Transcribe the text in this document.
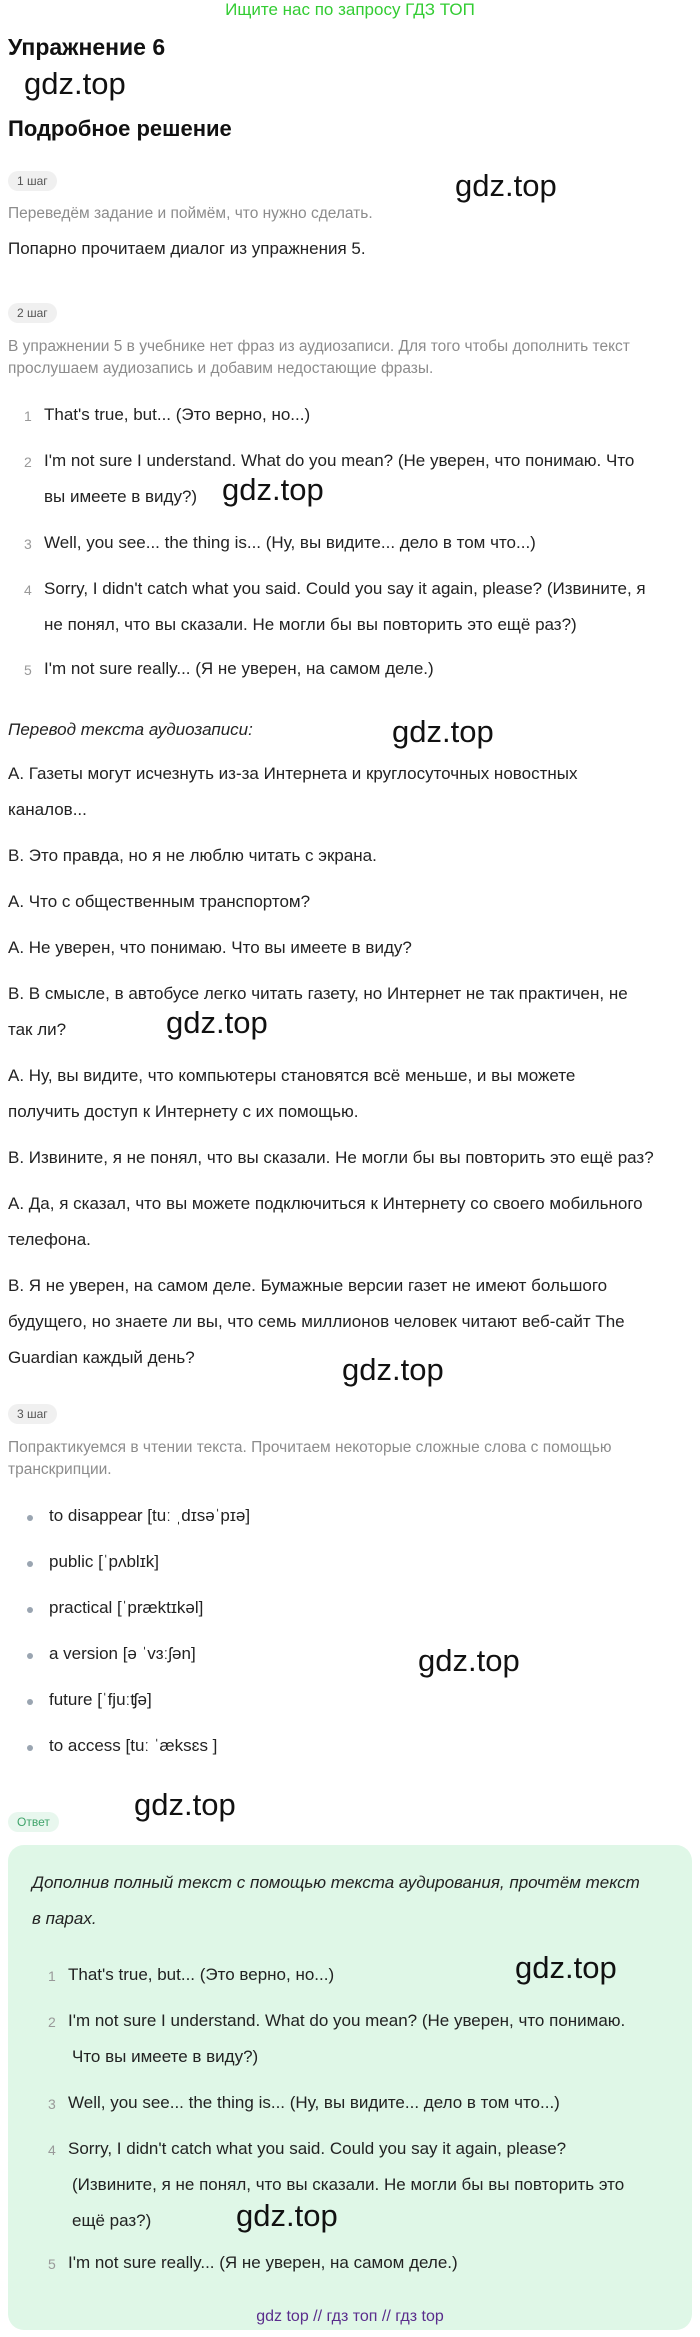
Ищите нас по запросу ГДЗ ТОП
Упражнение 6
gdz.top
Подробное решение
gdz.top
1 шаг
Переведём задание и поймём, что нужно сделать.
Попарно прочитаем диалог из упражнения 5.
2 шаг
В упражнении 5 в учебнике нет фраз из аудиозаписи. Для того чтобы дополнить текст
прослушаем аудиозапись и добавим недостающие фразы.
1 That's true, but... (Это верно, но...)
2 I'm not sure I understand. What do you mean? (Не уверен, что понимаю. Что
вы имеете в виду?) gdz.top
3 Well, you see... the thing is... (Ну, вы видите... дело в том что...)
4 Sorry, I didn't catch what you said. Could you say it again, please? (Извините, я
не понял, что вы сказали. Не могли бы вы повторить это ещё раз?)
5 I'm not sure really... (Я не уверен, на самом деле.)
Перевод текста аудиозаписи:	gdz.top
А. Газеты могут исчезнуть из-за Интернета и круглосуточных новостных
каналов...
В. Это правда, но я не люблю читать с экрана.
А. Что с общественным транспортом?
А. Не уверен, что понимаю. Что вы имеете в виду?
В. В смысле, в автобусе легко читать газету, но Интернет не так практичен, не
так ли?	gdz.top
А. Ну, вы видите, что компьютеры становятся всё меньше, и вы можете
получить доступ к Интернету с их помощью.
В. Извините, я не понял, что вы сказали. Не могли бы вы повторить это ещё раз?
А. Да, я сказал, что вы можете подключиться к Интернету со своего мобильного
телефона.
В. Я не уверен, на самом деле. Бумажные версии газет не имеют большого
будущего, но знаете ли вы, что семь миллионов человек читают веб-сайт The
Guardian каждый день?	gdz.top
3 шаг
Попрактикуемся в чтении текста. Прочитаем некоторые сложные слова с помощью
транскрипции.
to disappear [tuː ˌdɪsəˈpɪə]
public [ˈpʌblɪk]
practical [ˈpræktɪkəl]
a version [ə ˈvɜːʃən]	gdz.top
future [ˈfjuːʧə]
to access [tuː ˈæksɛs ]
Ответ	gdz.top
Дополнив полный текст с помощью текста аудирования, прочтём текст
в парах.
1 That's true, but... (Это верно, но...)	gdz.top
2 I'm not sure I understand. What do you mean? (Не уверен, что понимаю.
Что вы имеете в виду?)
3 Well, you see... the thing is... (Ну, вы видите... дело в том что...)
4 Sorry, I didn't catch what you said. Could you say it again, please?
(Извините, я не понял, что вы сказали. Не могли бы вы повторить это
ещё раз?)	gdz.top
5 I'm not sure really... (Я не уверен, на самом деле.)
gdz top // гдз топ // гдз top
